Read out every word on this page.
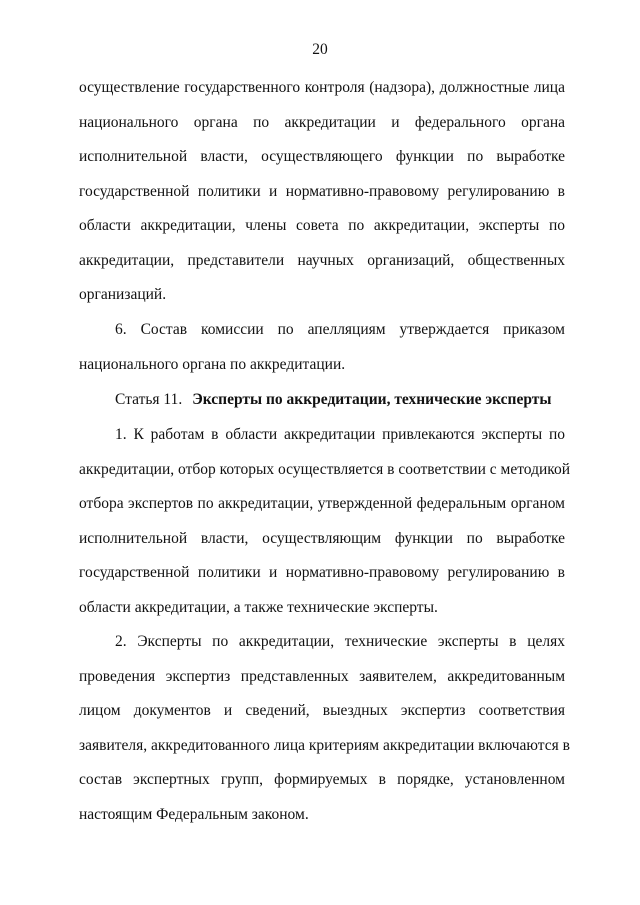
20
осуществление государственного контроля (надзора), должностные лица
национального органа по аккредитации и федерального органа
исполнительной власти, осуществляющего функции по выработке
государственной политики и нормативно-правовому регулированию в
области аккредитации, члены совета по аккредитации, эксперты по
аккредитации, представители научных организаций, общественных
организаций.
6. Состав комиссии по апелляциям утверждается приказом
национального органа по аккредитации.
Статья 11. Эксперты по аккредитации, технические эксперты
1. К работам в области аккредитации привлекаются эксперты по
аккредитации, отбор которых осуществляется в соответствии с методикой
отбора экспертов по аккредитации, утвержденной федеральным органом
исполнительной власти, осуществляющим функции по выработке
государственной политики и нормативно-правовому регулированию в
области аккредитации, а также технические эксперты.
2. Эксперты по аккредитации, технические эксперты в целях
проведения экспертиз представленных заявителем, аккредитованным
лицом документов и сведений, выездных экспертиз соответствия
заявителя, аккредитованного лица критериям аккредитации включаются в
состав экспертных групп, формируемых в порядке, установленном
настоящим Федеральным законом.
